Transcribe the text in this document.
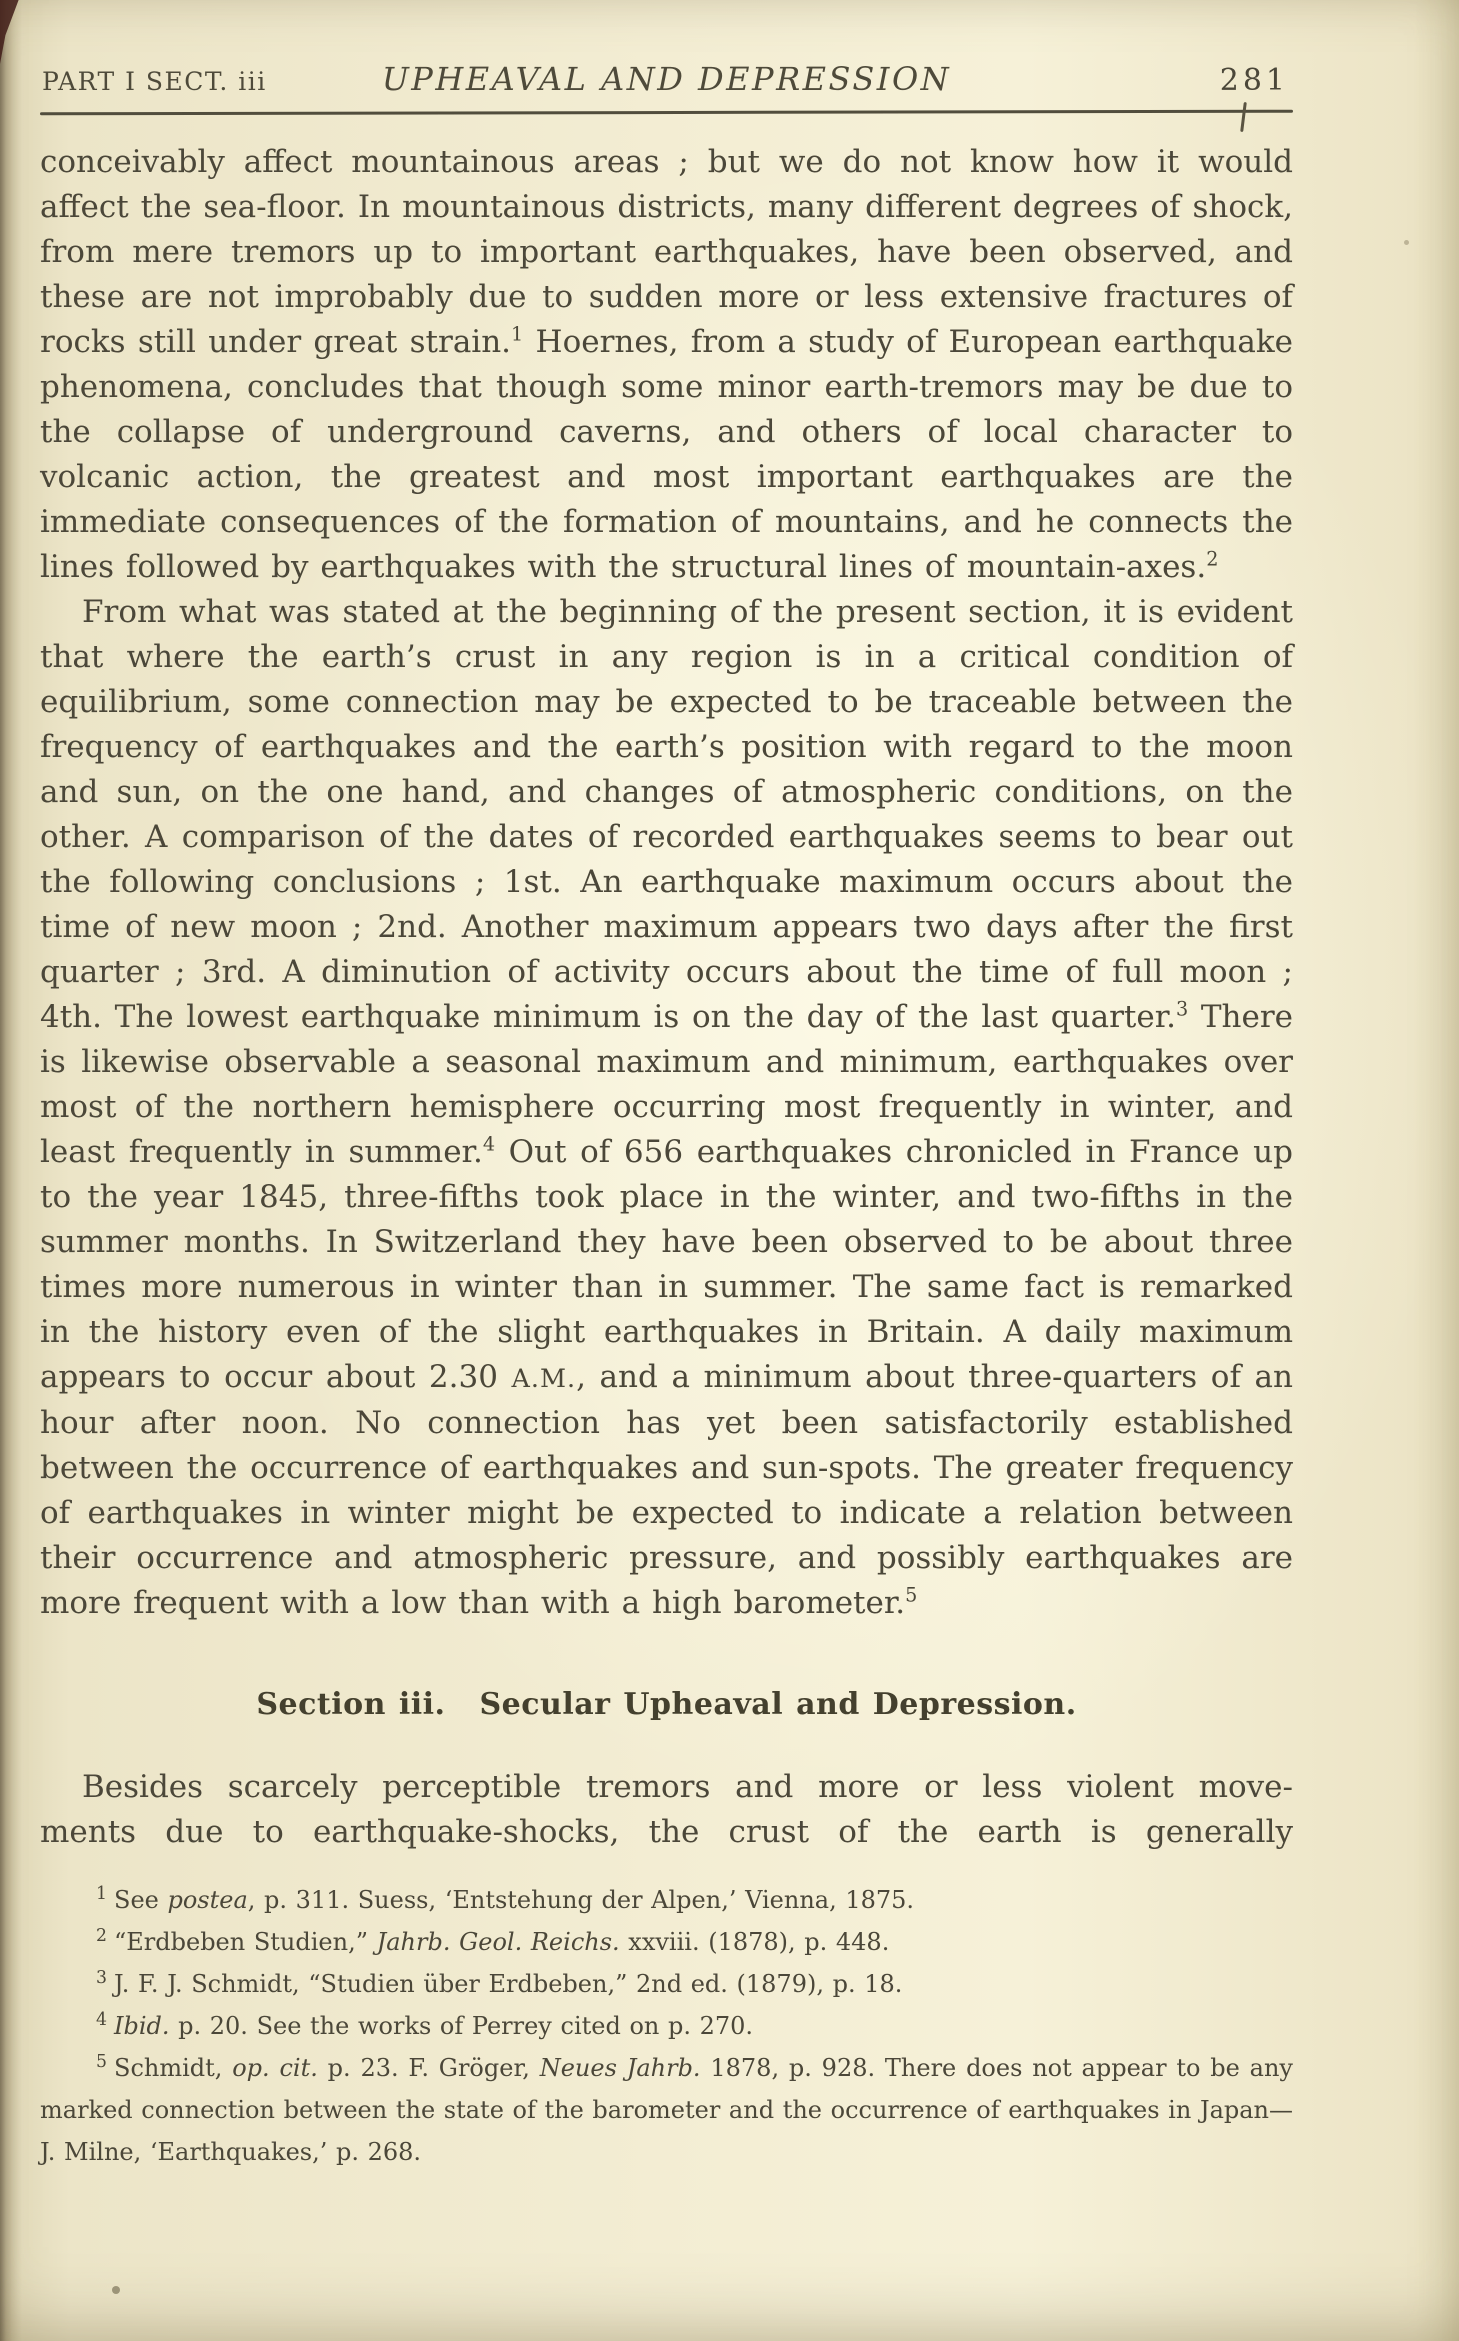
PART I SECT. iii	UPHEAVAL AND DEPRESSION	281

conceivably affect mountainous areas ; but we do not know how it would affect the sea-floor. In mountainous districts, many different degrees of shock, from mere tremors up to important earthquakes, have been observed, and these are not improbably due to sudden more or less extensive fractures of rocks still under great strain.$^1$ Hoernes, from a study of European earthquake phenomena, concludes that though some minor earth-tremors may be due to the collapse of underground caverns, and others of local character to volcanic action, the greatest and most important earthquakes are the immediate consequences of the formation of mountains, and he connects the lines followed by earthquakes with the structural lines of mountain-axes.$^2$

From what was stated at the beginning of the present section, it is evident that where the earth’s crust in any region is in a critical condition of equilibrium, some connection may be expected to be traceable between the frequency of earthquakes and the earth’s position with regard to the moon and sun, on the one hand, and changes of atmospheric conditions, on the other. A comparison of the dates of recorded earthquakes seems to bear out the following conclusions ; 1st. An earthquake maximum occurs about the time of new moon ; 2nd. Another maximum appears two days after the first quarter ; 3rd. A diminution of activity occurs about the time of full moon ; 4th. The lowest earthquake minimum is on the day of the last quarter.$^3$ There is likewise observable a seasonal maximum and minimum, earthquakes over most of the northern hemisphere occurring most frequently in winter, and least frequently in summer.$^4$ Out of 656 earthquakes chronicled in France up to the year 1845, three-fifths took place in the winter, and two-fifths in the summer months. In Switzerland they have been observed to be about three times more numerous in winter than in summer. The same fact is remarked in the history even of the slight earthquakes in Britain. A daily maximum appears to occur about 2.30 A.M., and a minimum about three-quarters of an hour after noon. No connection has yet been satisfactorily established between the occurrence of earthquakes and sun-spots. The greater frequency of earthquakes in winter might be expected to indicate a relation between their occurrence and atmospheric pressure, and possibly earthquakes are more frequent with a low than with a high barometer.$^5$

Section iii. Secular Upheaval and Depression.

Besides scarcely perceptible tremors and more or less violent move-
ments due to earthquake-shocks, the crust of the earth is generally

$^1$ See postea, p. 311. Suess, ‘Entstehung der Alpen,’ Vienna, 1875.

$^2$ “Erdbeben Studien,” Jahrb. Geol. Reichs. xxviii. (1878), p. 448.

$^3$ J. F. J. Schmidt, “Studien über Erdbeben,” 2nd ed. (1879), p. 18.

$^4$ Ibid. p. 20. See the works of Perrey cited on p. 270.

$^5$ Schmidt, op. cit. p. 23. F. Gröger, Neues Jahrb. 1878, p. 928. There does not appear to be any marked connection between the state of the barometer and the occurrence of earthquakes in Japan—J. Milne, ‘Earthquakes,’ p. 268.
